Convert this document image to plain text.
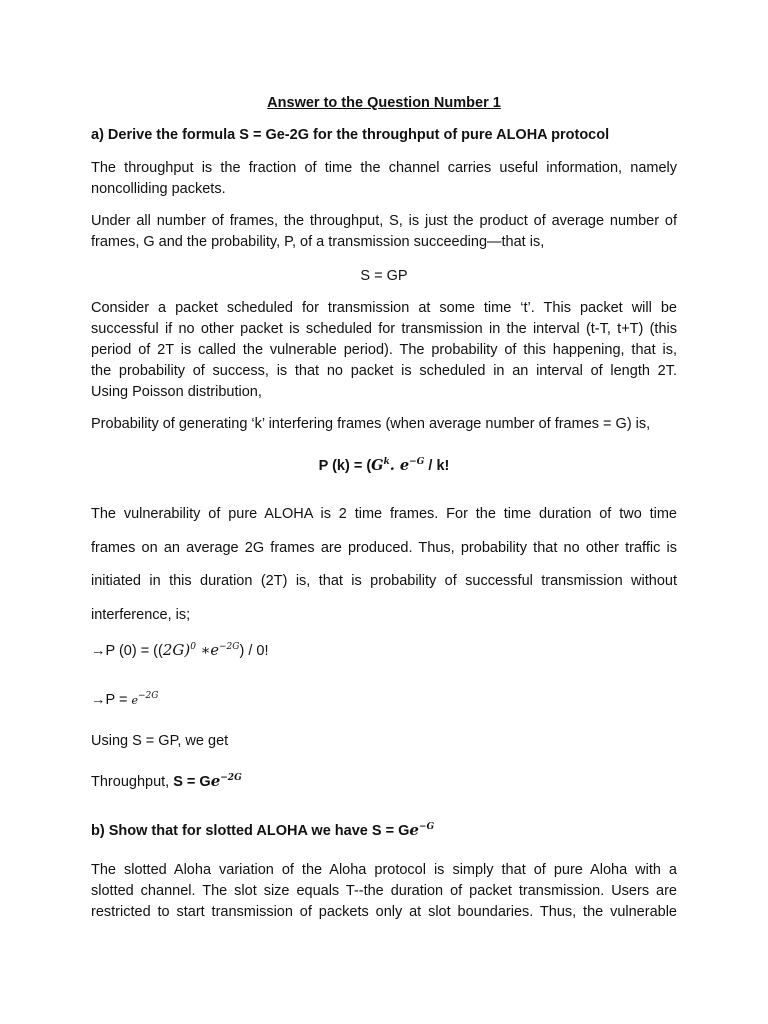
Answer to the Question Number 1
a) Derive the formula S = Ge-2G for the throughput of pure ALOHA protocol
The throughput is the fraction of time the channel carries useful information, namely
noncolliding packets.
Under all number of frames, the throughput, S, is just the product of average number of
frames, G and the probability, P, of a transmission succeeding—that is,
S = GP
Consider a packet scheduled for transmission at some time ‘t’. This packet will be
successful if no other packet is scheduled for transmission in the interval (t-T, t+T) (this
period of 2T is called the vulnerable period). The probability of this happening, that is,
the probability of success, is that no packet is scheduled in an interval of length 2T.
Using Poisson distribution,
Probability of generating ‘k’ interfering frames (when average number of frames = G) is,
P $(k) = (G^k$. $e^{-G}$ / k!
The vulnerability of pure ALOHA is 2 time frames. For the time duration of two time
frames on an average 2G frames are produced. Thus, probability that no other traffic is
initiated in this duration (2T) is, that is probability of successful transmission without
interference, is;
→P $(0) = ((2G)^0$ $∗e^{-2G}) / 0$!
$\to P = e^{-2G}$
Using S = GP, we get
Throughput, $S = Ge^{-2G}$
b) Show that for slotted ALOHA we have $S = Ge^{-G}$
The slotted Aloha variation of the Aloha protocol is simply that of pure Aloha with a
slotted channel. The slot size equals T--the duration of packet transmission. Users are
restricted to start transmission of packets only at slot boundaries. Thus, the vulnerable
